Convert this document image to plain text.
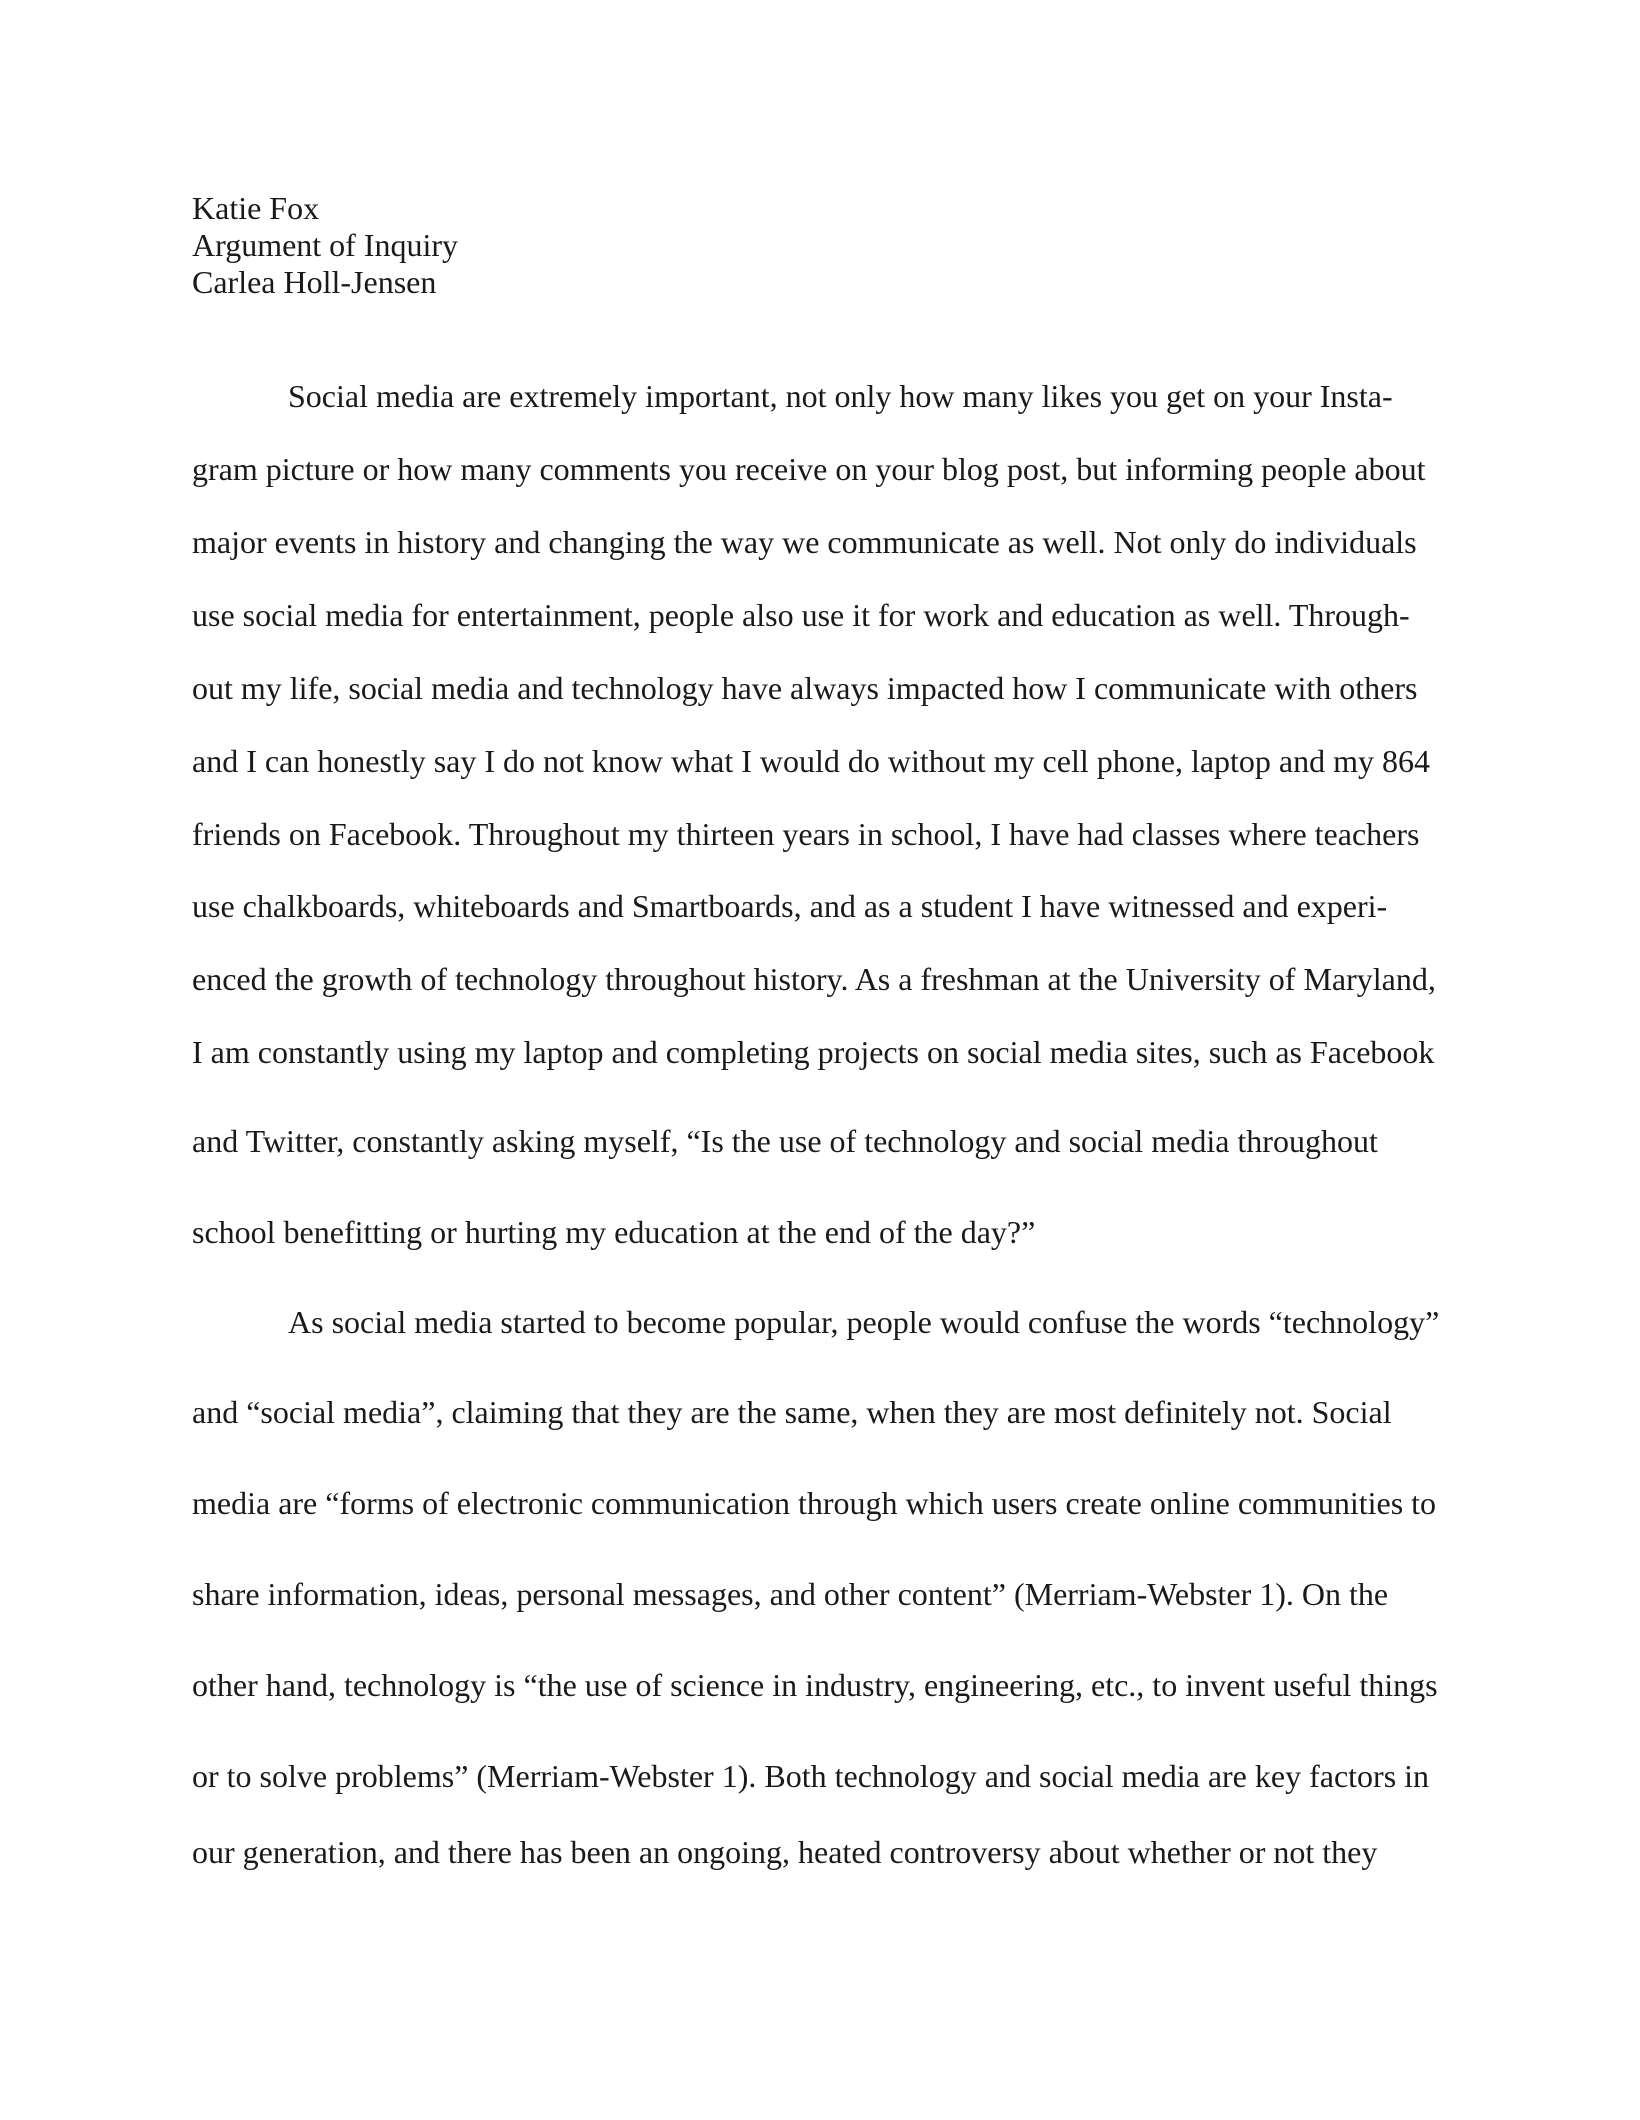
Katie Fox
Argument of Inquiry
Carlea Holl-Jensen
Social media are extremely important, not only how many likes you get on your Insta-
gram picture or how many comments you receive on your blog post, but informing people about
major events in history and changing the way we communicate as well. Not only do individuals
use social media for entertainment, people also use it for work and education as well. Through-
out my life, social media and technology have always impacted how I communicate with others
and I can honestly say I do not know what I would do without my cell phone, laptop and my 864
friends on Facebook. Throughout my thirteen years in school, I have had classes where teachers
use chalkboards, whiteboards and Smartboards, and as a student I have witnessed and experi-
enced the growth of technology throughout history. As a freshman at the University of Maryland,
I am constantly using my laptop and completing projects on social media sites, such as Facebook
and Twitter, constantly asking myself, “Is the use of technology and social media throughout
school benefitting or hurting my education at the end of the day?”
As social media started to become popular, people would confuse the words “technology”
and “social media”, claiming that they are the same, when they are most definitely not. Social
media are “forms of electronic communication through which users create online communities to
share information, ideas, personal messages, and other content” (Merriam-Webster 1). On the
other hand, technology is “the use of science in industry, engineering, etc., to invent useful things
or to solve problems” (Merriam-Webster 1). Both technology and social media are key factors in
our generation, and there has been an ongoing, heated controversy about whether or not they
